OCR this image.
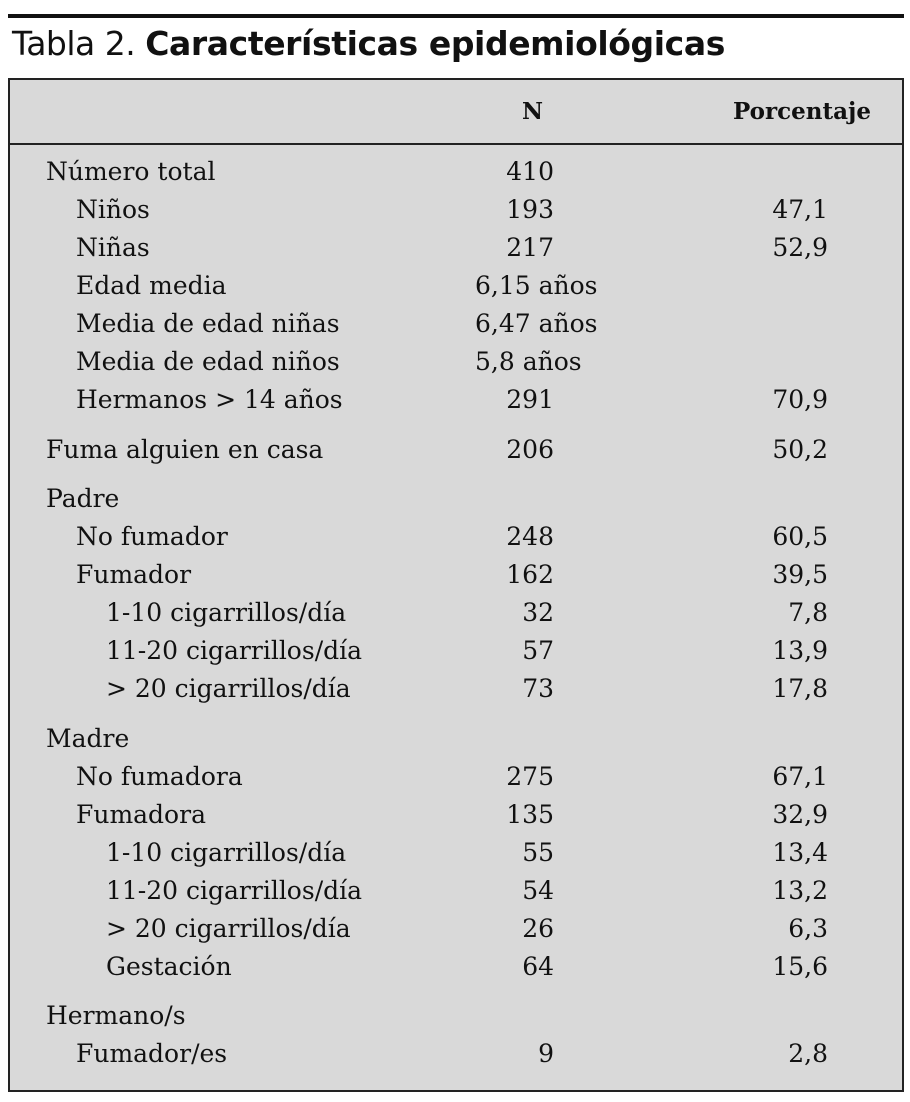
Tabla 2. Características epidemiológicas
N	Porcentaje
Número total	410
Niños	193	47,1
Niñas	217	52,9
Edad media	6,15 años
Media de edad niñas	6,47 años
Media de edad niños	5,8 años
Hermanos > 14 años	291	70,9
Fuma alguien en casa	206	50,2
Padre
No fumador	248	60,5
Fumador	162	39,5
1-10 cigarrillos/día	32	7,8
11-20 cigarrillos/día	57	13,9
> 20 cigarrillos/día	73	17,8
Madre
No fumadora	275	67,1
Fumadora	135	32,9
1-10 cigarrillos/día	55	13,4
11-20 cigarrillos/día	54	13,2
> 20 cigarrillos/día	26	6,3
Gestación	64	15,6
Hermano/s
Fumador/es	9	2,8
